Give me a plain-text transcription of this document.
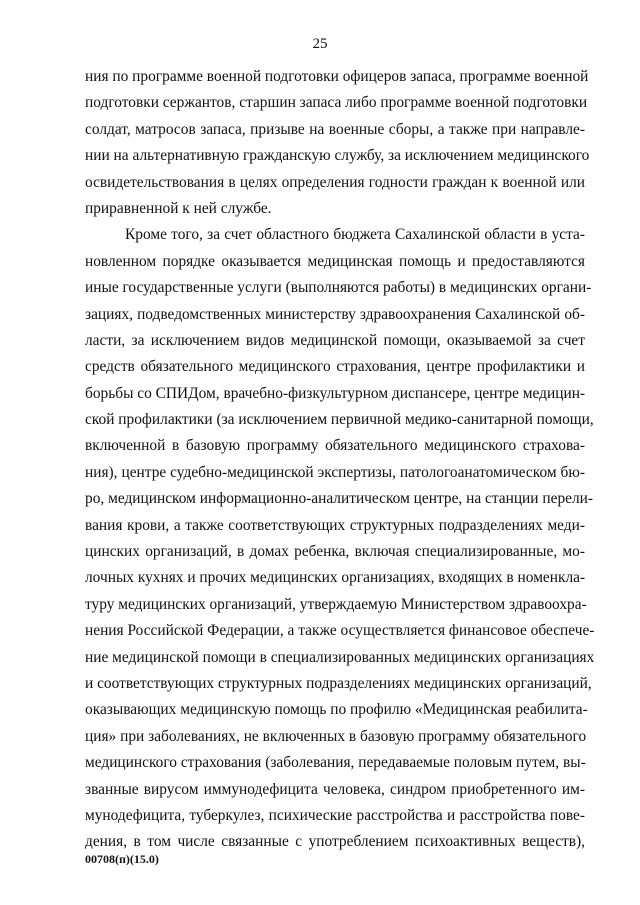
25
ния по программе военной подготовки офицеров запаса, программе военной
подготовки сержантов, старшин запаса либо программе военной подготовки
солдат, матросов запаса, призыве на военные сборы, а также при направле-
нии на альтернативную гражданскую службу, за исключением медицинского
освидетельствования в целях определения годности граждан к военной или
приравненной к ней службе.
Кроме того, за счет областного бюджета Сахалинской области в уста-
новленном порядке оказывается медицинская помощь и предоставляются
иные государственные услуги (выполняются работы) в медицинских органи-
зациях, подведомственных министерству здравоохранения Сахалинской об-
ласти, за исключением видов медицинской помощи, оказываемой за счет
средств обязательного медицинского страхования, центре профилактики и
борьбы со СПИДом, врачебно-физкультурном диспансере, центре медицин-
ской профилактики (за исключением первичной медико-санитарной помощи,
включенной в базовую программу обязательного медицинского страхова-
ния), центре судебно-медицинской экспертизы, патологоанатомическом бю-
ро, медицинском информационно-аналитическом центре, на станции перели-
вания крови, а также соответствующих структурных подразделениях меди-
цинских организаций, в домах ребенка, включая специализированные, мо-
лочных кухнях и прочих медицинских организациях, входящих в номенкла-
туру медицинских организаций, утверждаемую Министерством здравоохра-
нения Российской Федерации, а также осуществляется финансовое обеспече-
ние медицинской помощи в специализированных медицинских организациях
и соответствующих структурных подразделениях медицинских организаций,
оказывающих медицинскую помощь по профилю «Медицинская реабилита-
ция» при заболеваниях, не включенных в базовую программу обязательного
медицинского страхования (заболевания, передаваемые половым путем, вы-
званные вирусом иммунодефицита человека, синдром приобретенного им-
мунодефицита, туберкулез, психические расстройства и расстройства пове-
дения, в том числе связанные с употреблением психоактивных веществ),
00708(п)(15.0)
